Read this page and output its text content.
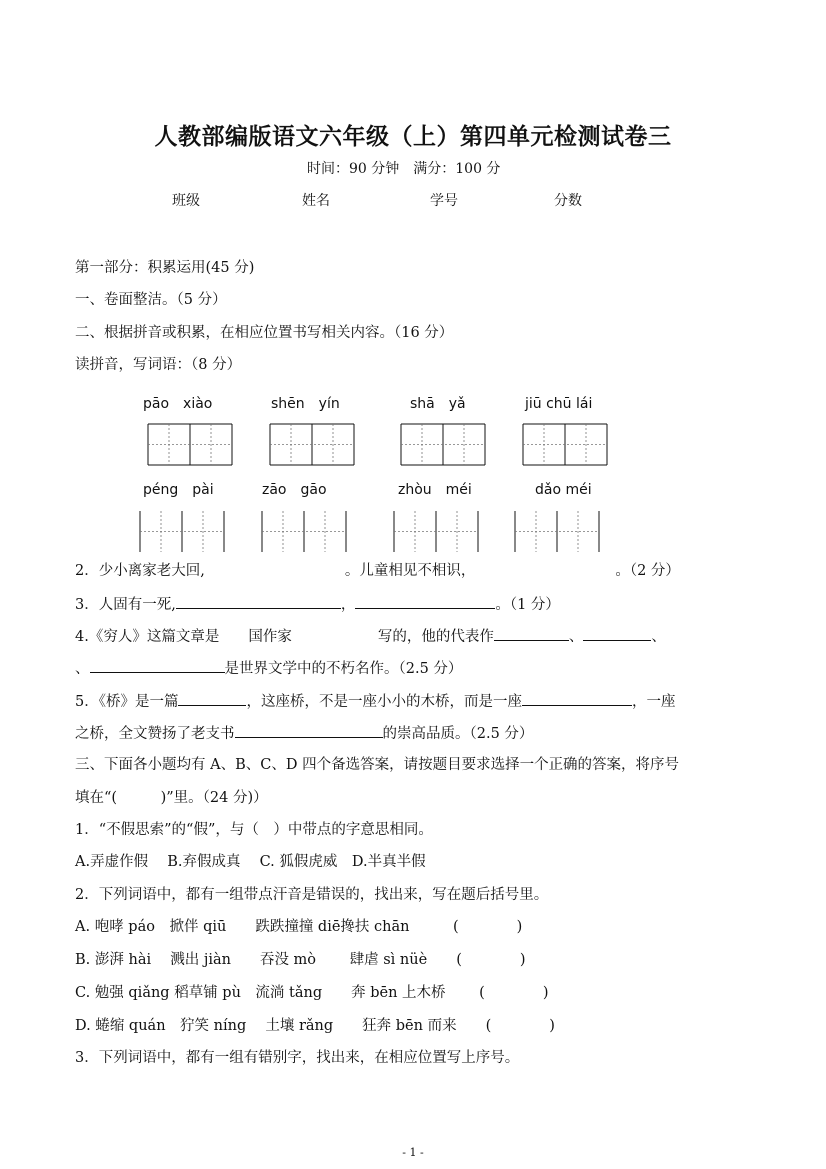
人教部编版语文六年级（上）第四单元检测试卷三
时间：90 分钟　满分：100 分
班级	姓名	学号	分数
第一部分：积累运用(45 分)
一、卷面整洁。（5 分）
二、根据拼音或积累，在相应位置书写相关内容。（16 分）
读拼音，写词语：（8 分）
pāo　xiào	shēn　yín	shā　yǎ	jiū chū lái
péng　pài	zāo　gāo	zhòu　méi	dǎo méi
2．少小离家老大回,	。儿童相见不相识，	。（2 分）
3．人固有一死,	，	。（1 分）
4.《穷人》这篇文章是　　国作家	写的，他的代表作	、	、
、	是世界文学中的不朽名作。（2.5 分）
5．《桥》是一篇	，这座桥，不是一座小小的木桥，而是一座	，一座
之桥，全文赞扬了老支书	的崇高品质。（2.5 分）
三、下面各小题均有 A、B、C、D 四个备选答案，请按题目要求选择一个正确的答案，将序号
填在“(　　　)”里。（24 分)）
1．“不假思索”的“假”，与（　）中带点的字意思相同。
A.弄虚作假　 B.弃假成真　 C. 狐假虎威　D.半真半假
2．下列词语中，都有一组带点汗音是错误的，找出来，写在题后括号里。
A. 咆哮 páo　掀伴 qiū　　跌跌撞撞 diē搀扶 chān　　　(　　　　)
B. 澎湃 hài　 溅出 jiàn　　吞没 mò　　 肆虐 sì nüè　　(　　　　)
C. 勉强 qiǎng 稻草铺 pù　流淌 tǎng　　奔 bēn 上木桥　　 (　　　　)
D. 蜷缩 quán　狞笑 níng　 土壤 rǎng　　狂奔 bēn 而来　　(　　　　)
3．下列词语中，都有一组有错别字，找出来，在相应位置写上序号。
- 1 -
